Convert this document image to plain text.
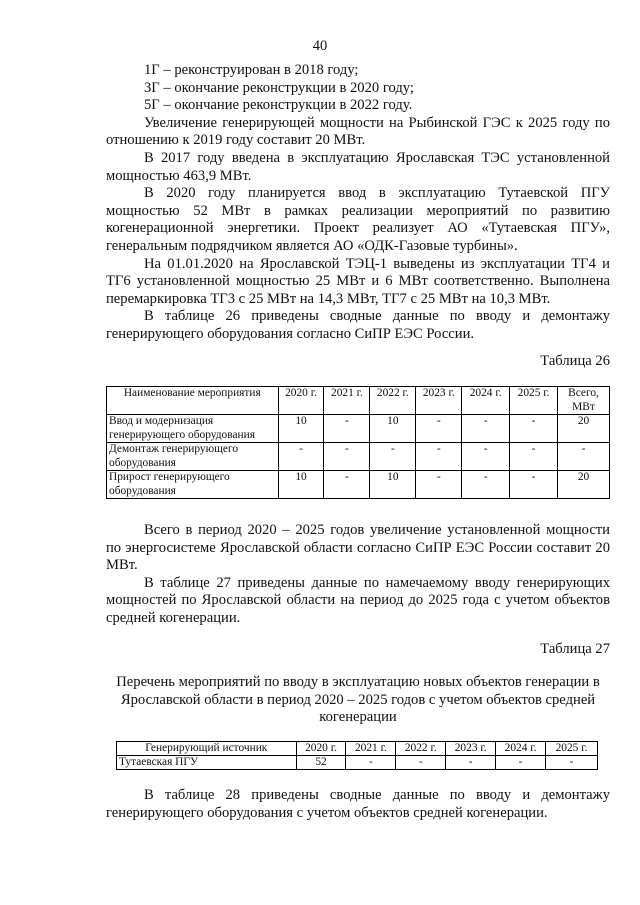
40

1Г – реконструирован в 2018 году;

3Г – окончание реконструкции в 2020 году;

5Г – окончание реконструкции в 2022 году.

Увеличение генерирующей мощности на Рыбинской ГЭС к 2025 году по отношению к 2019 году составит 20 МВт.

В 2017 году введена в эксплуатацию Ярославская ТЭС установленной мощностью 463,9 МВт.

В 2020 году планируется ввод в эксплуатацию Тутаевской ПГУ мощностью 52 МВт в рамках реализации мероприятий по развитию когенерационной энергетики. Проект реализует АО «Тутаевская ПГУ», генеральным подрядчиком является АО «ОДК-Газовые турбины».

На 01.01.2020 на Ярославской ТЭЦ-1 выведены из эксплуатации ТГ4 и ТГ6 установленной мощностью 25 МВт и 6 МВт соответственно. Выполнена перемаркировка ТГ3 с 25 МВт на 14,3 МВт, ТГ7 с 25 МВт на 10,3 МВт.

В таблице 26 приведены сводные данные по вводу и демонтажу генерирующего оборудования согласно СиПР ЕЭС России.

Таблица 26
Наименование мероприятия	2020 г.	2021 г.	2022 г.	2023 г.	2024 г.	2025 г.	Всего, МВт
Ввод и модернизация генерирующего оборудования	10	-	10	-	-	-	20
Демонтаж генерирующего оборудования	-	-	-	-	-	-	-
Прирост генерирующего оборудования	10	-	10	-	-	-	20

Всего в период 2020 – 2025 годов увеличение установленной мощности по энергосистеме Ярославской области согласно СиПР ЕЭС России составит 20 МВт.

В таблице 27 приведены данные по намечаемому вводу генерирующих мощностей по Ярославской области на период до 2025 года с учетом объектов средней когенерации.

Таблица 27
Перечень мероприятий по вводу в эксплуатацию новых объектов генерации в Ярославской области в период 2020 – 2025 годов с учетом объектов средней когенерации
Генерирующий источник	2020 г.	2021 г.	2022 г.	2023 г.	2024 г.	2025 г.
Тутаевская ПГУ	52	-	-	-	-	-

В таблице 28 приведены сводные данные по вводу и демонтажу генерирующего оборудования с учетом объектов средней когенерации.
